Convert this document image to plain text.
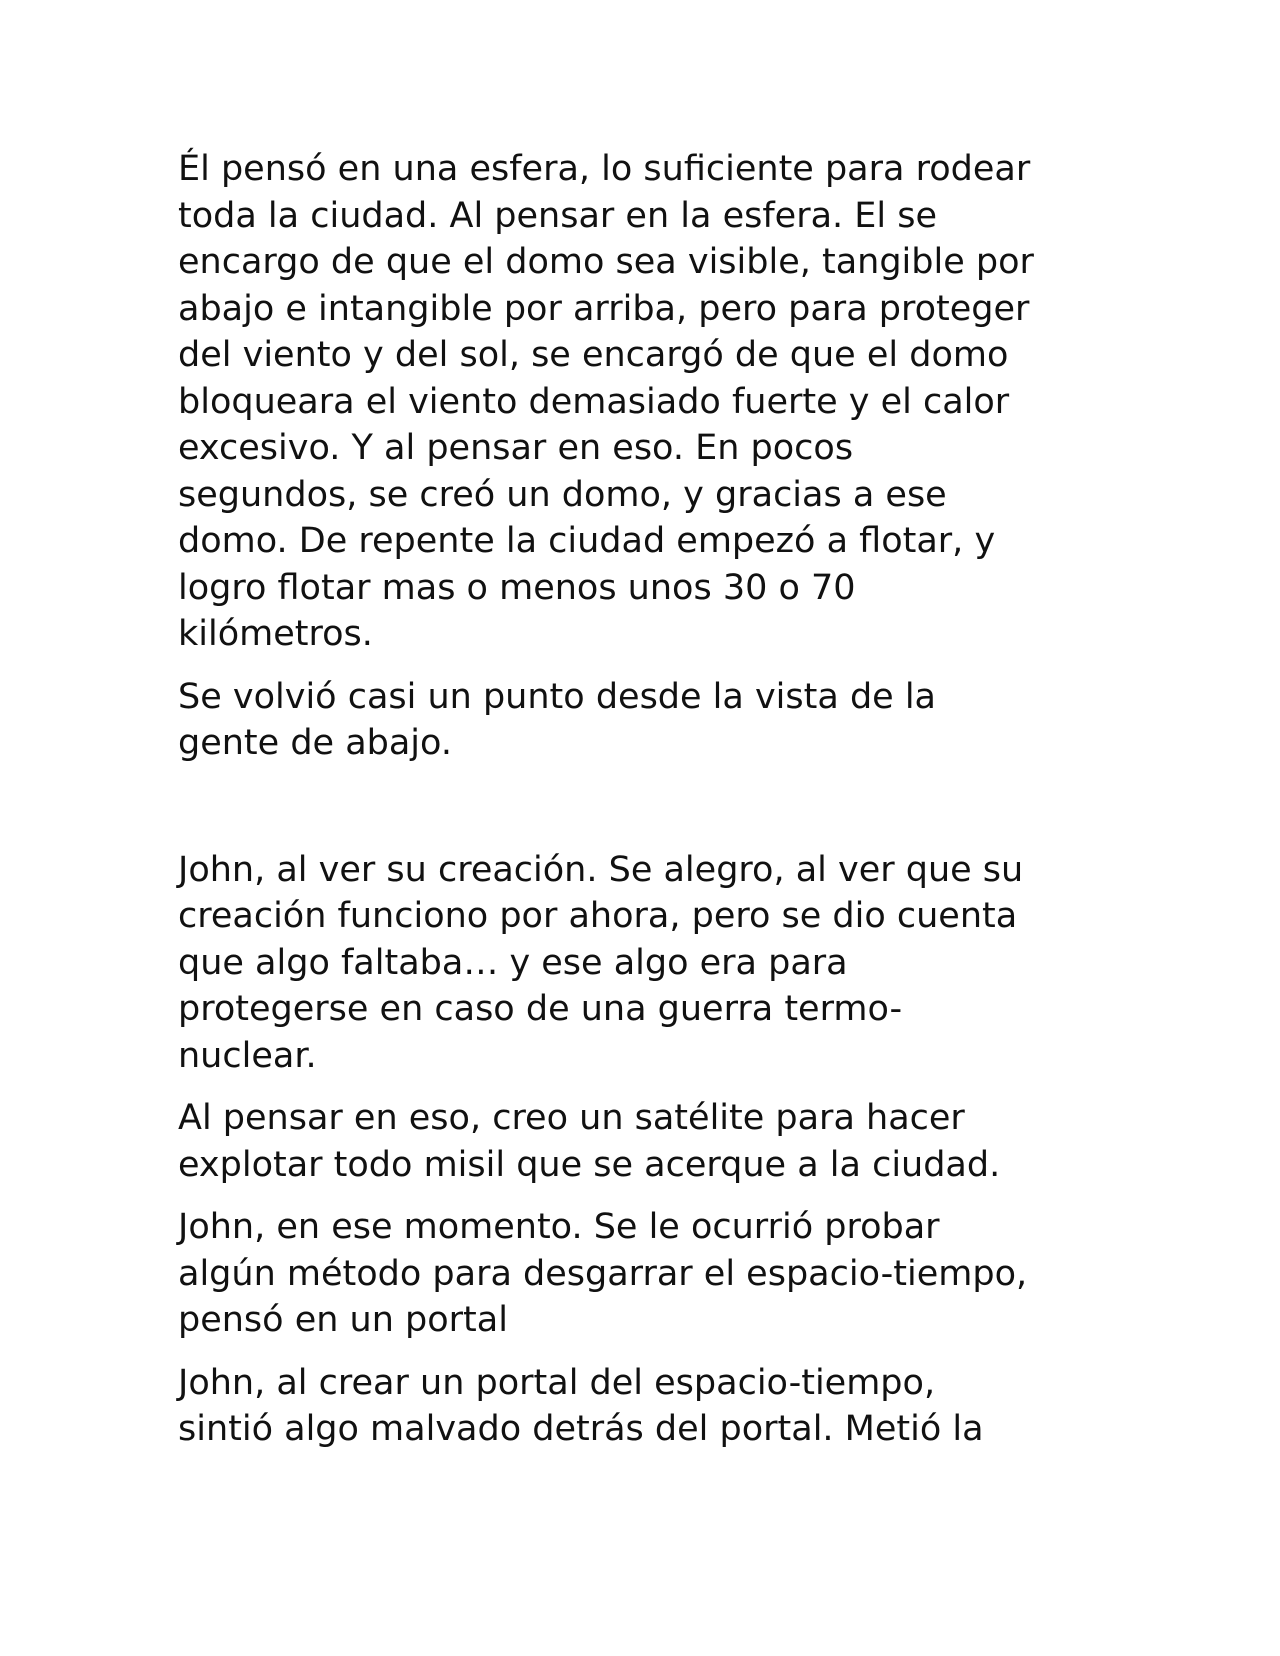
Él pensó en una esfera, lo suficiente para rodear
toda la ciudad. Al pensar en la esfera. El se
encargo de que el domo sea visible, tangible por
abajo e intangible por arriba, pero para proteger
del viento y del sol, se encargó de que el domo
bloqueara el viento demasiado fuerte y el calor
excesivo. Y al pensar en eso. En pocos
segundos, se creó un domo, y gracias a ese
domo. De repente la ciudad empezó a flotar, y
logro flotar mas o menos unos 30 o 70
kilómetros.
Se volvió casi un punto desde la vista de la
gente de abajo.
John, al ver su creación. Se alegro, al ver que su
creación funciono por ahora, pero se dio cuenta
que algo faltaba… y ese algo era para
protegerse en caso de una guerra termo-
nuclear.
Al pensar en eso, creo un satélite para hacer
explotar todo misil que se acerque a la ciudad.
John, en ese momento. Se le ocurrió probar
algún método para desgarrar el espacio-tiempo,
pensó en un portal
John, al crear un portal del espacio-tiempo,
sintió algo malvado detrás del portal. Metió la
